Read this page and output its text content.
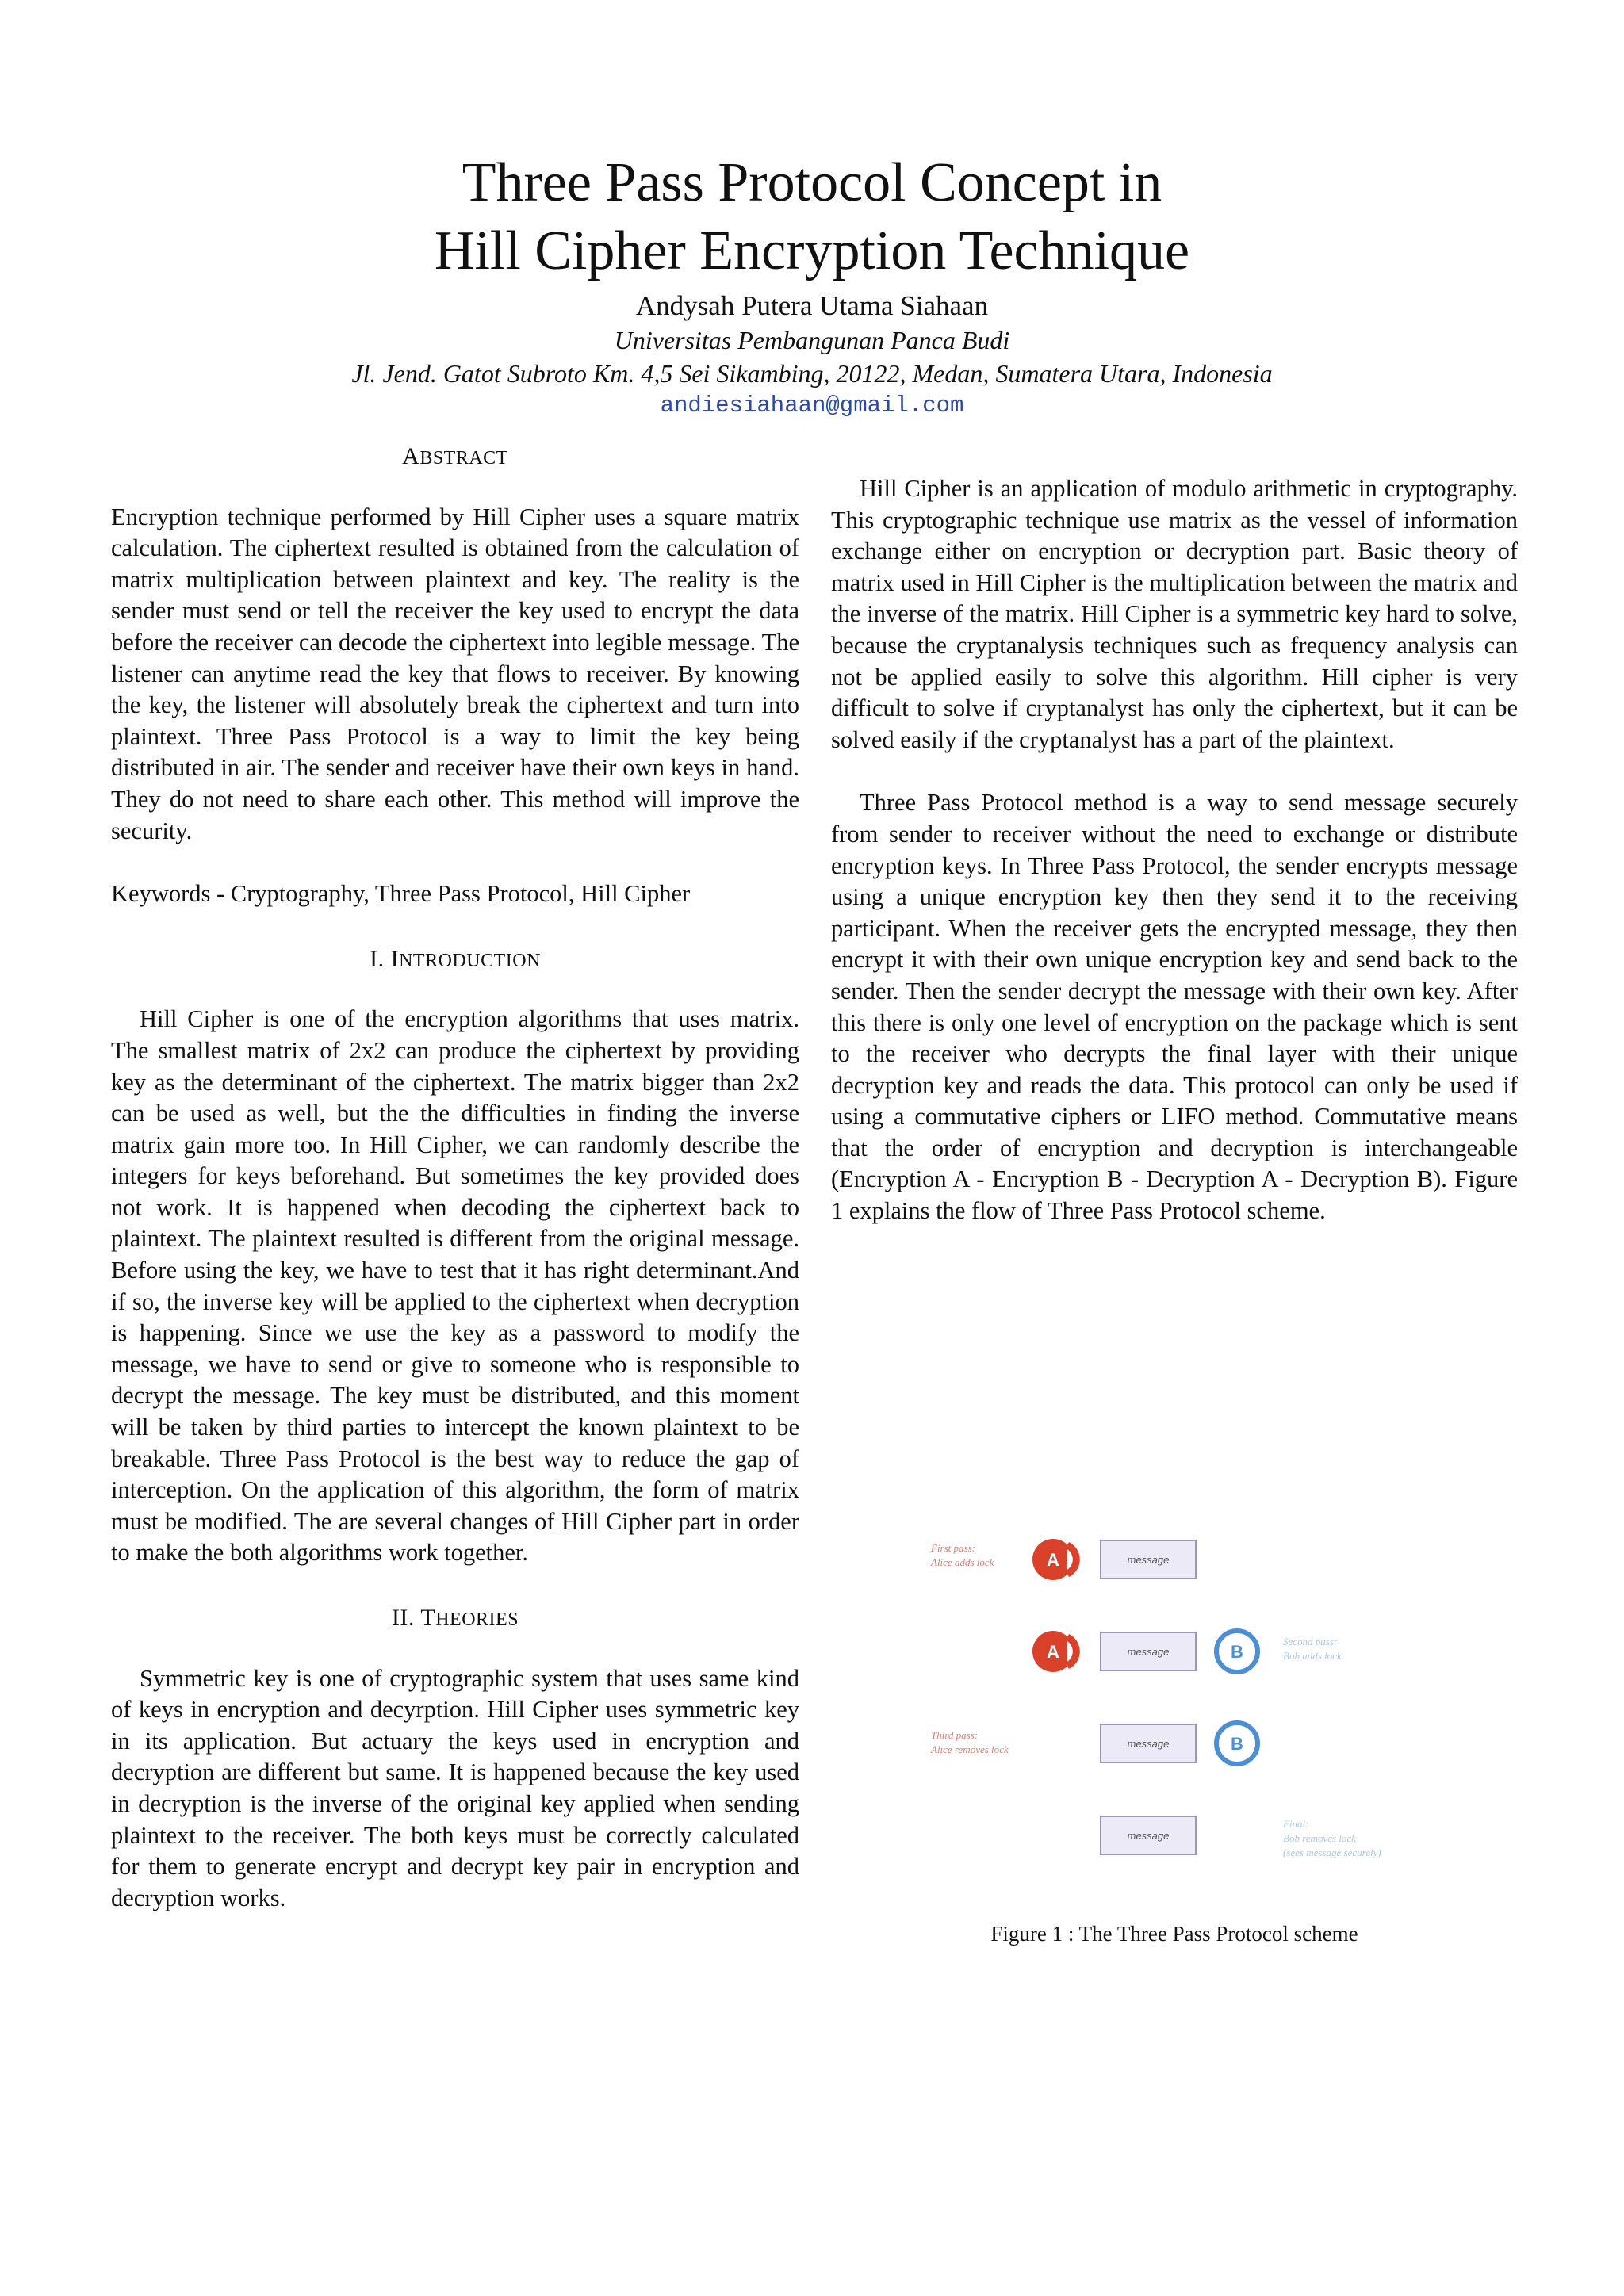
Three Pass Protocol Concept in
Hill Cipher Encryption Technique
Andysah Putera Utama Siahaan
Universitas Pembangunan Panca Budi
Jl. Jend. Gatot Subroto Km. 4,5 Sei Sikambing, 20122, Medan, Sumatera Utara, Indonesia
andiesiahaan@gmail.com

ABSTRACT

Encryption technique performed by Hill Cipher uses a square matrix calculation. The ciphertext resulted is obtained from the calculation of matrix multiplication between plaintext and key. The reality is the sender must send or tell the receiver the key used to encrypt the data before the receiver can decode the ciphertext into legible message. The listener can anytime read the key that flows to receiver. By knowing the key, the listener will absolutely break the ciphertext and turn into plaintext. Three Pass Protocol is a way to limit the key being distributed in air. The sender and receiver have their own keys in hand. They do not need to share each other. This method will improve the security.

Keywords - Cryptography, Three Pass Protocol, Hill Cipher

I. INTRODUCTION

Hill Cipher is one of the encryption algorithms that uses matrix. The smallest matrix of 2x2 can produce the ciphertext by providing key as the determinant of the ciphertext. The matrix bigger than 2x2 can be used as well, but the the difficulties in finding the inverse matrix gain more too. In Hill Cipher, we can randomly describe the integers for keys beforehand. But sometimes the key provided does not work. It is happened when decoding the ciphertext back to plaintext. The plaintext resulted is different from the original message. Before using the key, we have to test that it has right determinant.And if so, the inverse key will be applied to the ciphertext when decryption is happening. Since we use the key as a password to modify the message, we have to send or give to someone who is responsible to decrypt the message. The key must be distributed, and this moment will be taken by third parties to intercept the known plaintext to be breakable. Three Pass Protocol is the best way to reduce the gap of interception. On the application of this algorithm, the form of matrix must be modified. The are several changes of Hill Cipher part in order to make the both algorithms work together.

II. THEORIES

Symmetric key is one of cryptographic system that uses same kind of keys in encryption and decyrption. Hill Cipher uses symmetric key in its application. But actuary the keys used in encryption and decryption are different but same. It is happened because the key used in decryption is the inverse of the original key applied when sending plaintext to the receiver. The both keys must be correctly calculated for them to generate encrypt and decrypt key pair in encryption and decryption works.

Hill Cipher is an application of modulo arithmetic in cryptography. This cryptographic technique use matrix as the vessel of information exchange either on encryption or decryption part. Basic theory of matrix used in Hill Cipher is the multiplication between the matrix and the inverse of the matrix. Hill Cipher is a symmetric key hard to solve, because the cryptanalysis techniques such as frequency analysis can not be applied easily to solve this algorithm. Hill cipher is very difficult to solve if cryptanalyst has only the ciphertext, but it can be solved easily if the cryptanalyst has a part of the plaintext.

Three Pass Protocol method is a way to send message securely from sender to receiver without the need to exchange or distribute encryption keys. In Three Pass Protocol, the sender encrypts message using a unique encryption key then they send it to the receiving participant. When the receiver gets the encrypted message, they then encrypt it with their own unique encryption key and send back to the sender. Then the sender decrypt the message with their own key. After this there is only one level of encryption on the package which is sent to the receiver who decrypts the final layer with their unique decryption key and reads the data. This protocol can only be used if using a commutative ciphers or LIFO method. Commutative means that the order of encryption and decryption is interchangeable (Encryption A - Encryption B - Decryption A - Decryption B). Figure 1 explains the flow of Three Pass Protocol scheme.

First pass:
Alice adds lock	A	message
A	message	B
Second pass:
Bob adds lock
Third pass:
Alice removes lock	message	B
message
Final:
Bob removes lock
(sees message securely)
Figure 1 : The Three Pass Protocol scheme
